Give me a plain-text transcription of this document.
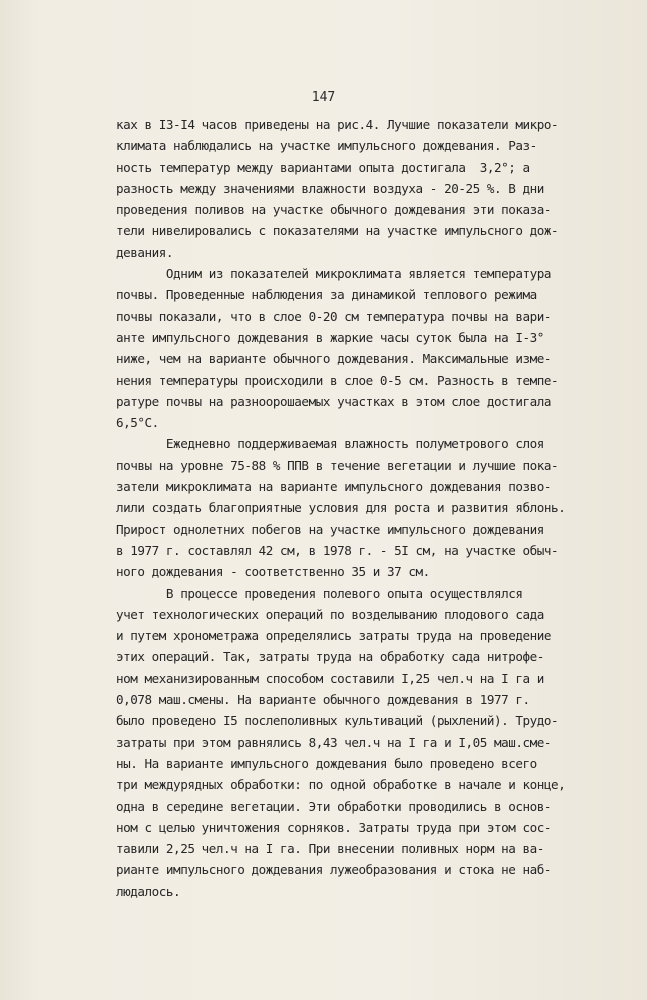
147
ках в I3-I4 часов приведены на рис.4. Лучшие показатели микро-
климата наблюдались на участке импульсного дождевания. Раз-
ность температур между вариантами опыта достигала  3,2°; а
разность между значениями влажности воздуха - 20-25 %. В дни
проведения поливов на участке обычного дождевания эти показа-
тели нивелировались с показателями на участке импульсного дож-
девания.
Одним из показателей микроклимата является температура
почвы. Проведенные наблюдения за динамикой теплового режима
почвы показали, что в слое 0-20 см температура почвы на вари-
анте импульсного дождевания в жаркие часы суток была на I-3°
ниже, чем на варианте обычного дождевания. Максимальные изме-
нения температуры происходили в слое 0-5 см. Разность в темпе-
ратуре почвы на разноорошаемых участках в этом слое достигала
6,5°С.
Ежедневно поддерживаемая влажность полуметрового слоя
почвы на уровне 75-88 % ППВ в течение вегетации и лучшие пока-
затели микроклимата на варианте импульсного дождевания позво-
лили создать благоприятные условия для роста и развития яблонь.
Прирост однолетних побегов на участке импульсного дождевания
в 1977 г. составлял 42 см, в 1978 г. - 5I см, на участке обыч-
ного дождевания - соответственно 35 и 37 см.
В процессе проведения полевого опыта осуществлялся
учет технологических операций по возделыванию плодового сада
и путем хронометража определялись затраты труда на проведение
этих операций. Так, затраты труда на обработку сада нитрофе-
ном механизированным способом составили I,25 чел.ч на I га и
0,078 маш.смены. На варианте обычного дождевания в 1977 г.
было проведено I5 послеполивных культиваций (рыхлений). Трудо-
затраты при этом равнялись 8,43 чел.ч на I га и I,05 маш.сме-
ны. На варианте импульсного дождевания было проведено всего
три междурядных обработки: по одной обработке в начале и конце,
одна в середине вегетации. Эти обработки проводились в основ-
ном с целью уничтожения сорняков. Затраты труда при этом сос-
тавили 2,25 чел.ч на I га. При внесении поливных норм на ва-
рианте импульсного дождевания лужеобразования и стока не наб-
людалось.
